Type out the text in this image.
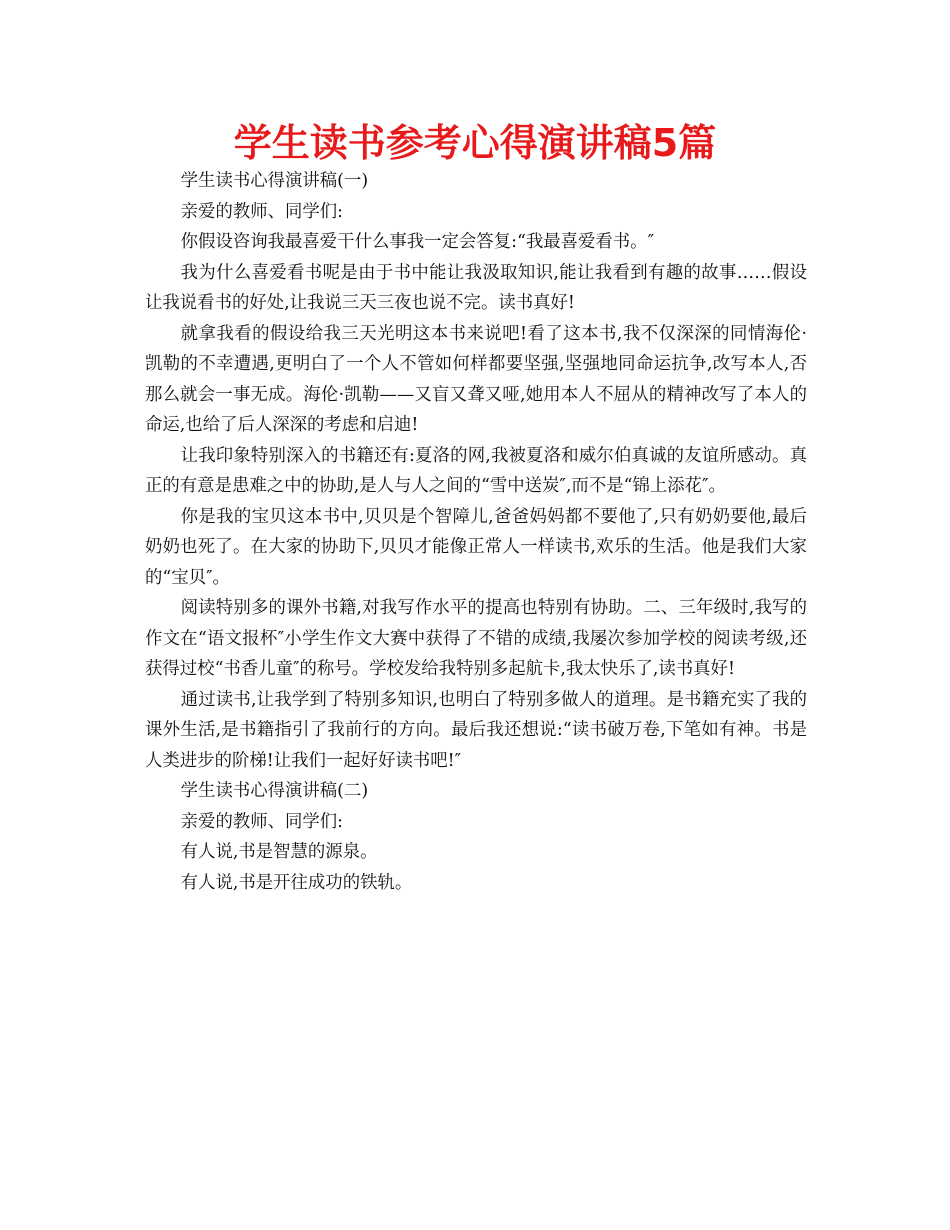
学生读书参考心得演讲稿5篇

学生读书心得演讲稿(一)

亲爱的教师、同学们:

你假设咨询我最喜爱干什么事我一定会答复:“我最喜爱看书。″

我为什么喜爱看书呢是由于书中能让我汲取知识,能让我看到有趣的故事……假设让我说看书的好处,让我说三天三夜也说不完。读书真好!

就拿我看的假设给我三天光明这本书来说吧!看了这本书,我不仅深深的同情海伦·凯勒的不幸遭遇,更明白了一个人不管如何样都要坚强,坚强地同命运抗争,改写本人,否那么就会一事无成。海伦·凯勒——又盲又聋又哑,她用本人不屈从的精神改写了本人的命运,也给了后人深深的考虑和启迪!

让我印象特别深入的书籍还有:夏洛的网,我被夏洛和威尔伯真诚的友谊所感动。真正的有意是患难之中的协助,是人与人之间的“雪中送炭″,而不是“锦上添花″。

你是我的宝贝这本书中,贝贝是个智障儿,爸爸妈妈都不要他了,只有奶奶要他,最后奶奶也死了。在大家的协助下,贝贝才能像正常人一样读书,欢乐的生活。他是我们大家的“宝贝″。

阅读特别多的课外书籍,对我写作水平的提高也特别有协助。二、三年级时,我写的作文在“语文报杯″小学生作文大赛中获得了不错的成绩,我屡次参加学校的阅读考级,还获得过校“书香儿童″的称号。学校发给我特别多起航卡,我太快乐了,读书真好!

通过读书,让我学到了特别多知识,也明白了特别多做人的道理。是书籍充实了我的课外生活,是书籍指引了我前行的方向。最后我还想说:“读书破万卷,下笔如有神。书是人类进步的阶梯!让我们一起好好读书吧!″

学生读书心得演讲稿(二)

亲爱的教师、同学们:

有人说,书是智慧的源泉。

有人说,书是开往成功的铁轨。
